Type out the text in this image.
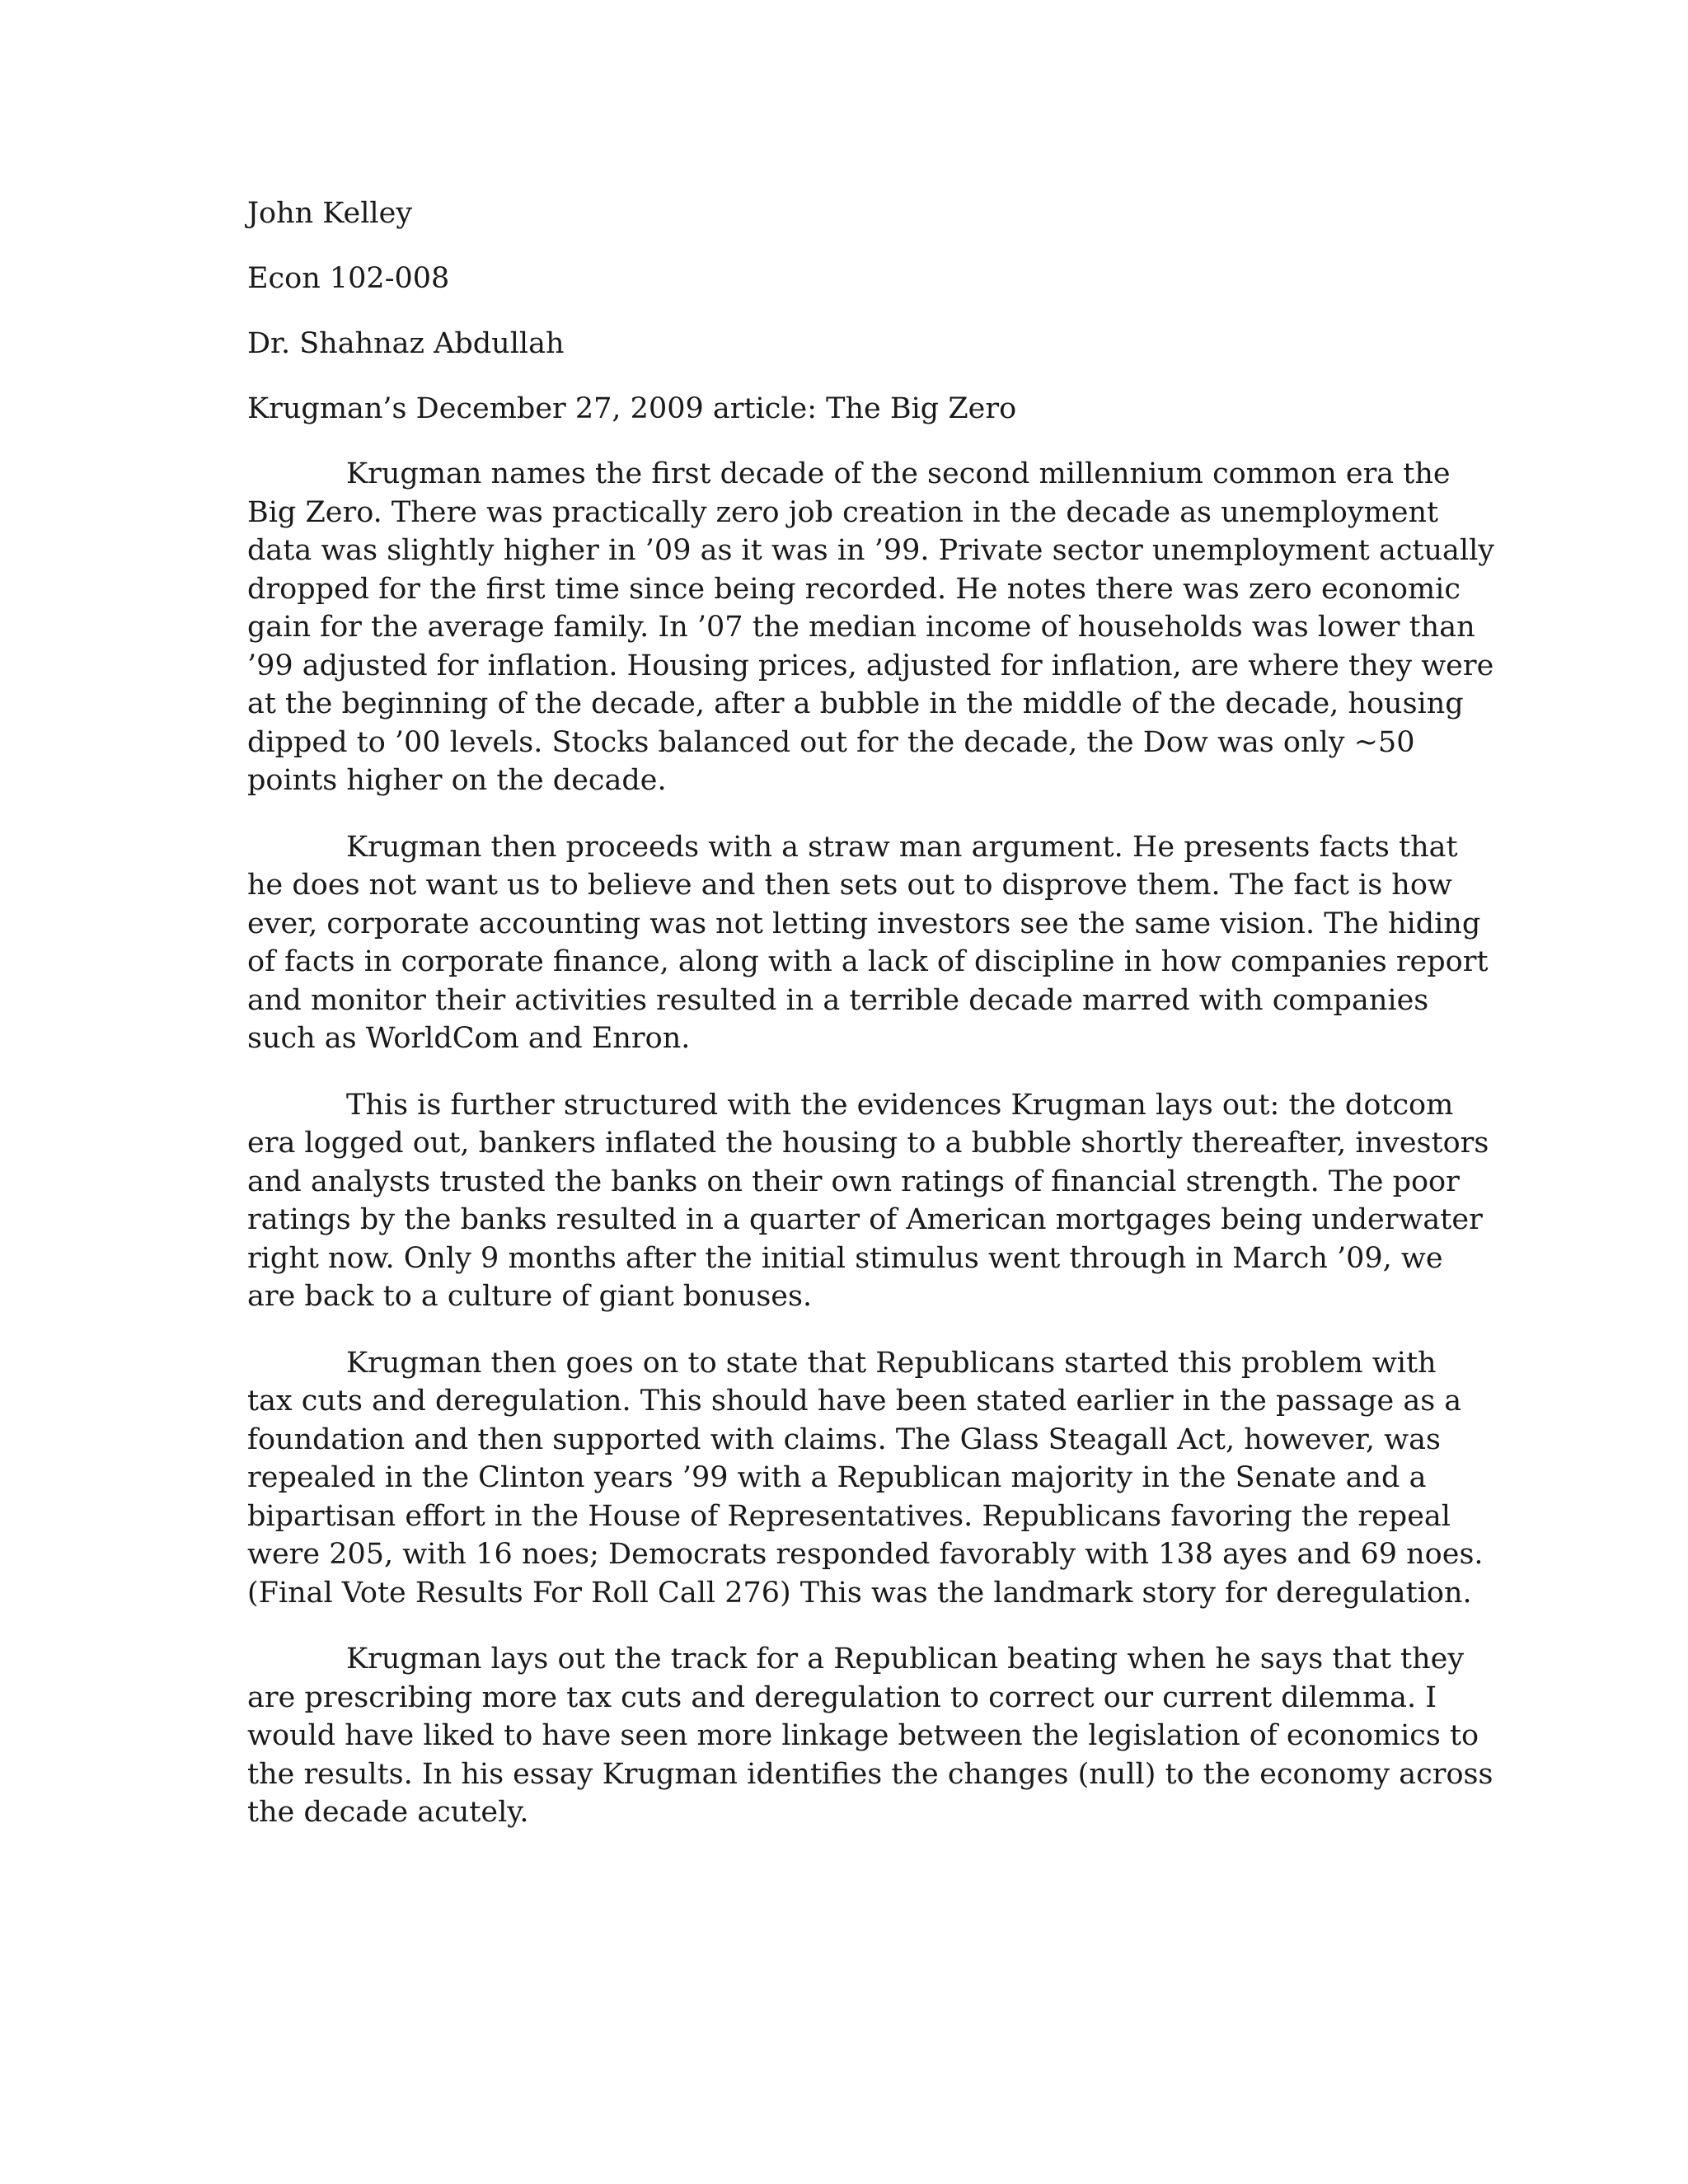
John Kelley
Econ 102-008
Dr. Shahnaz Abdullah
Krugman’s December 27, 2009 article: The Big Zero
Krugman names the first decade of the second millennium common era the
Big Zero. There was practically zero job creation in the decade as unemployment
data was slightly higher in ’09 as it was in ’99. Private sector unemployment actually
dropped for the first time since being recorded. He notes there was zero economic
gain for the average family. In ’07 the median income of households was lower than
’99 adjusted for inflation. Housing prices, adjusted for inflation, are where they were
at the beginning of the decade, after a bubble in the middle of the decade, housing
dipped to ’00 levels. Stocks balanced out for the decade, the Dow was only ~50
points higher on the decade.
Krugman then proceeds with a straw man argument. He presents facts that
he does not want us to believe and then sets out to disprove them. The fact is how
ever, corporate accounting was not letting investors see the same vision. The hiding
of facts in corporate finance, along with a lack of discipline in how companies report
and monitor their activities resulted in a terrible decade marred with companies
such as WorldCom and Enron.
This is further structured with the evidences Krugman lays out: the dotcom
era logged out, bankers inflated the housing to a bubble shortly thereafter, investors
and analysts trusted the banks on their own ratings of financial strength. The poor
ratings by the banks resulted in a quarter of American mortgages being underwater
right now. Only 9 months after the initial stimulus went through in March ’09, we
are back to a culture of giant bonuses.
Krugman then goes on to state that Republicans started this problem with
tax cuts and deregulation. This should have been stated earlier in the passage as a
foundation and then supported with claims. The Glass Steagall Act, however, was
repealed in the Clinton years ’99 with a Republican majority in the Senate and a
bipartisan effort in the House of Representatives. Republicans favoring the repeal
were 205, with 16 noes; Democrats responded favorably with 138 ayes and 69 noes.
(Final Vote Results For Roll Call 276) This was the landmark story for deregulation.
Krugman lays out the track for a Republican beating when he says that they
are prescribing more tax cuts and deregulation to correct our current dilemma. I
would have liked to have seen more linkage between the legislation of economics to
the results. In his essay Krugman identifies the changes (null) to the economy across
the decade acutely.
